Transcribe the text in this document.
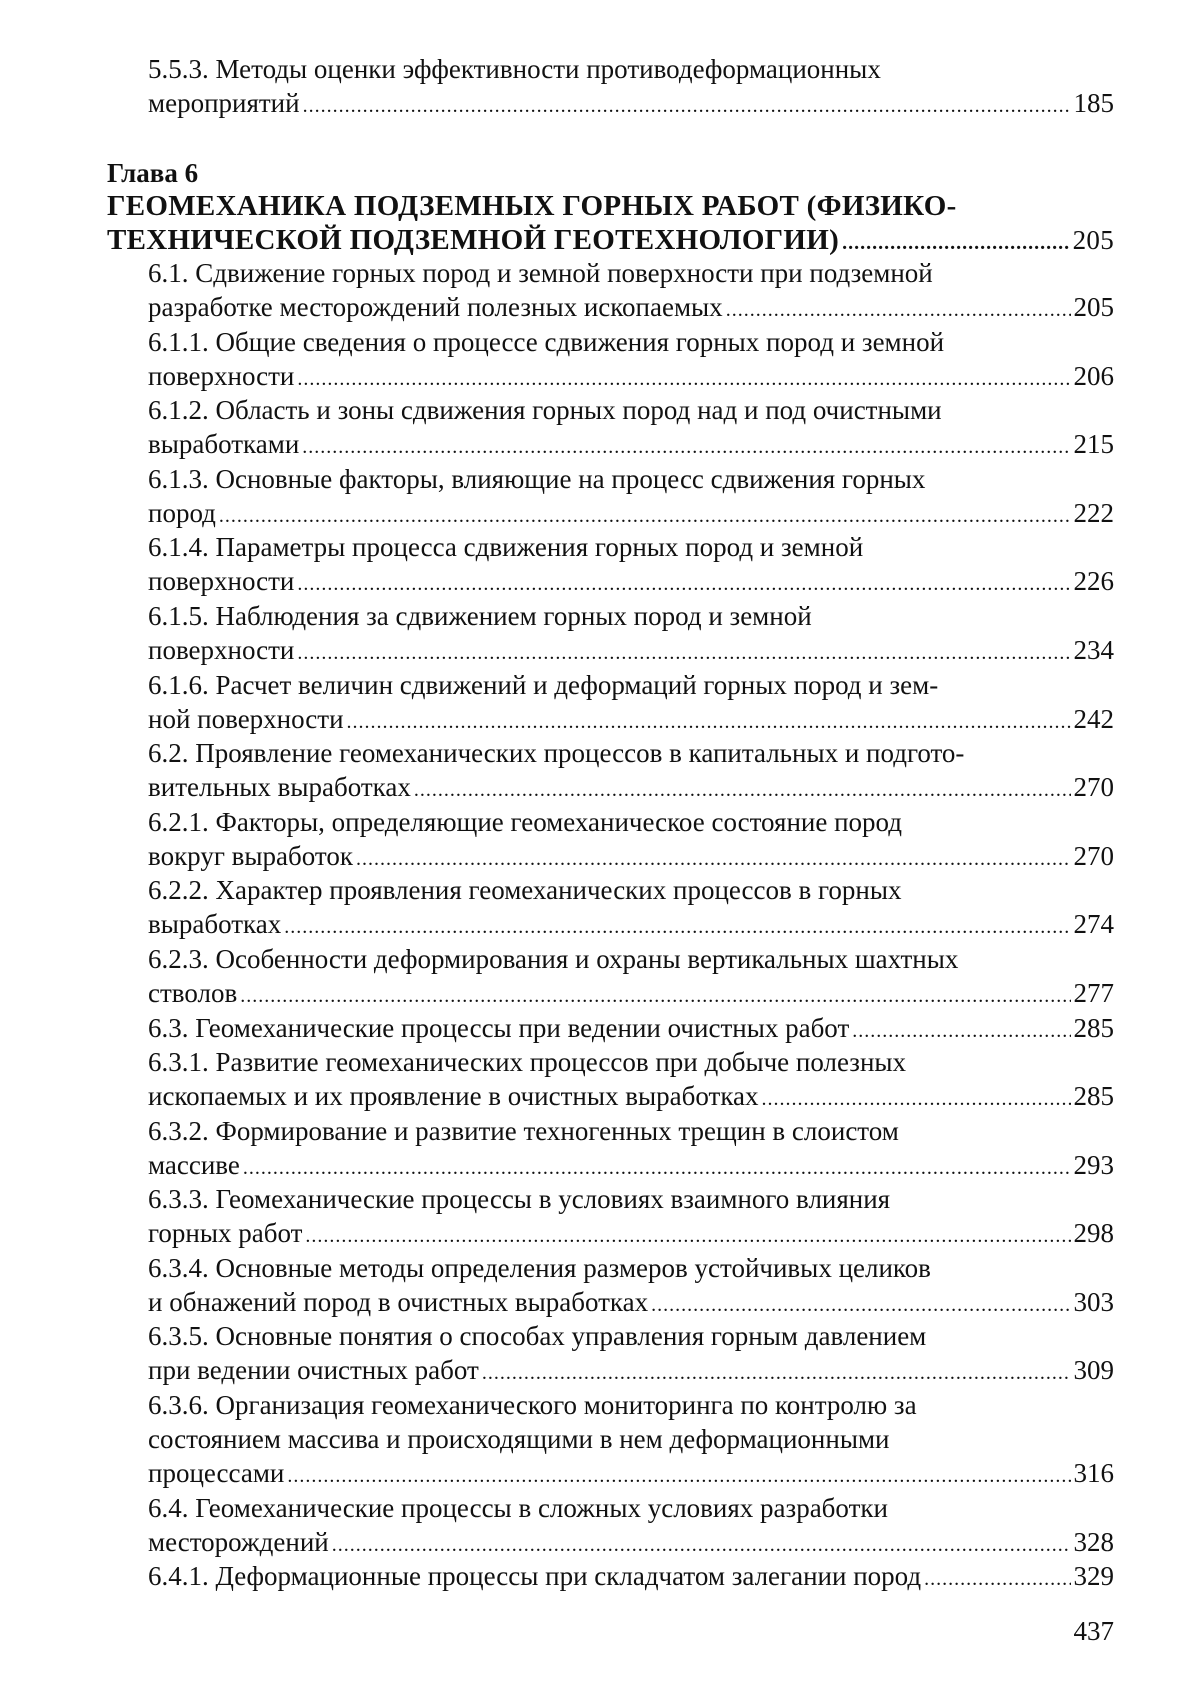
5.5.3. Методы оценки эффективности противодеформационных
мероприятий .....	185
Глава 6
ГЕОМЕХАНИКА ПОДЗЕМНЫХ ГОРНЫХ РАБОТ (ФИЗИКО-
ТЕХНИЧЕСКОЙ ПОДЗЕМНОЙ ГЕОТЕХНОЛОГИИ) .....	205
6.1. Сдвижение горных пород и земной поверхности при подземной
разработке месторождений полезных ископаемых .....	205
6.1.1. Общие сведения о процессе сдвижения горных пород и земной
поверхности .....	206
6.1.2. Область и зоны сдвижения горных пород над и под очистными
выработками .....	215
6.1.3. Основные факторы, влияющие на процесс сдвижения горных
пород .....	222
6.1.4. Параметры процесса сдвижения горных пород и земной
поверхности .....	226
6.1.5. Наблюдения за сдвижением горных пород и земной
поверхности .....	234
6.1.6. Расчет величин сдвижений и деформаций горных пород и зем-
ной поверхности .....	242
6.2. Проявление геомеханических процессов в капитальных и подгото-
вительных выработках .....	270
6.2.1. Факторы, определяющие геомеханическое состояние пород
вокруг выработок .....	270
6.2.2. Характер проявления геомеханических процессов в горных
выработках .....	274
6.2.3. Особенности деформирования и охраны вертикальных шахтных
стволов .....	277
6.3. Геомеханические процессы при ведении очистных работ .....	285
6.3.1. Развитие геомеханических процессов при добыче полезных
ископаемых и их проявление в очистных выработках .....	285
6.3.2. Формирование и развитие техногенных трещин в слоистом
массиве .....	293
6.3.3. Геомеханические процессы в условиях взаимного влияния
горных работ .....	298
6.3.4. Основные методы определения размеров устойчивых целиков
и обнажений пород в очистных выработках .....	303
6.3.5. Основные понятия о способах управления горным давлением
при ведении очистных работ .....	309
6.3.6. Организация геомеханического мониторинга по контролю за
состоянием массива и происходящими в нем деформационными
процессами .....	316
6.4. Геомеханические процессы в сложных условиях разработки
месторождений .....	328
6.4.1. Деформационные процессы при складчатом залегании пород .....	329
437
